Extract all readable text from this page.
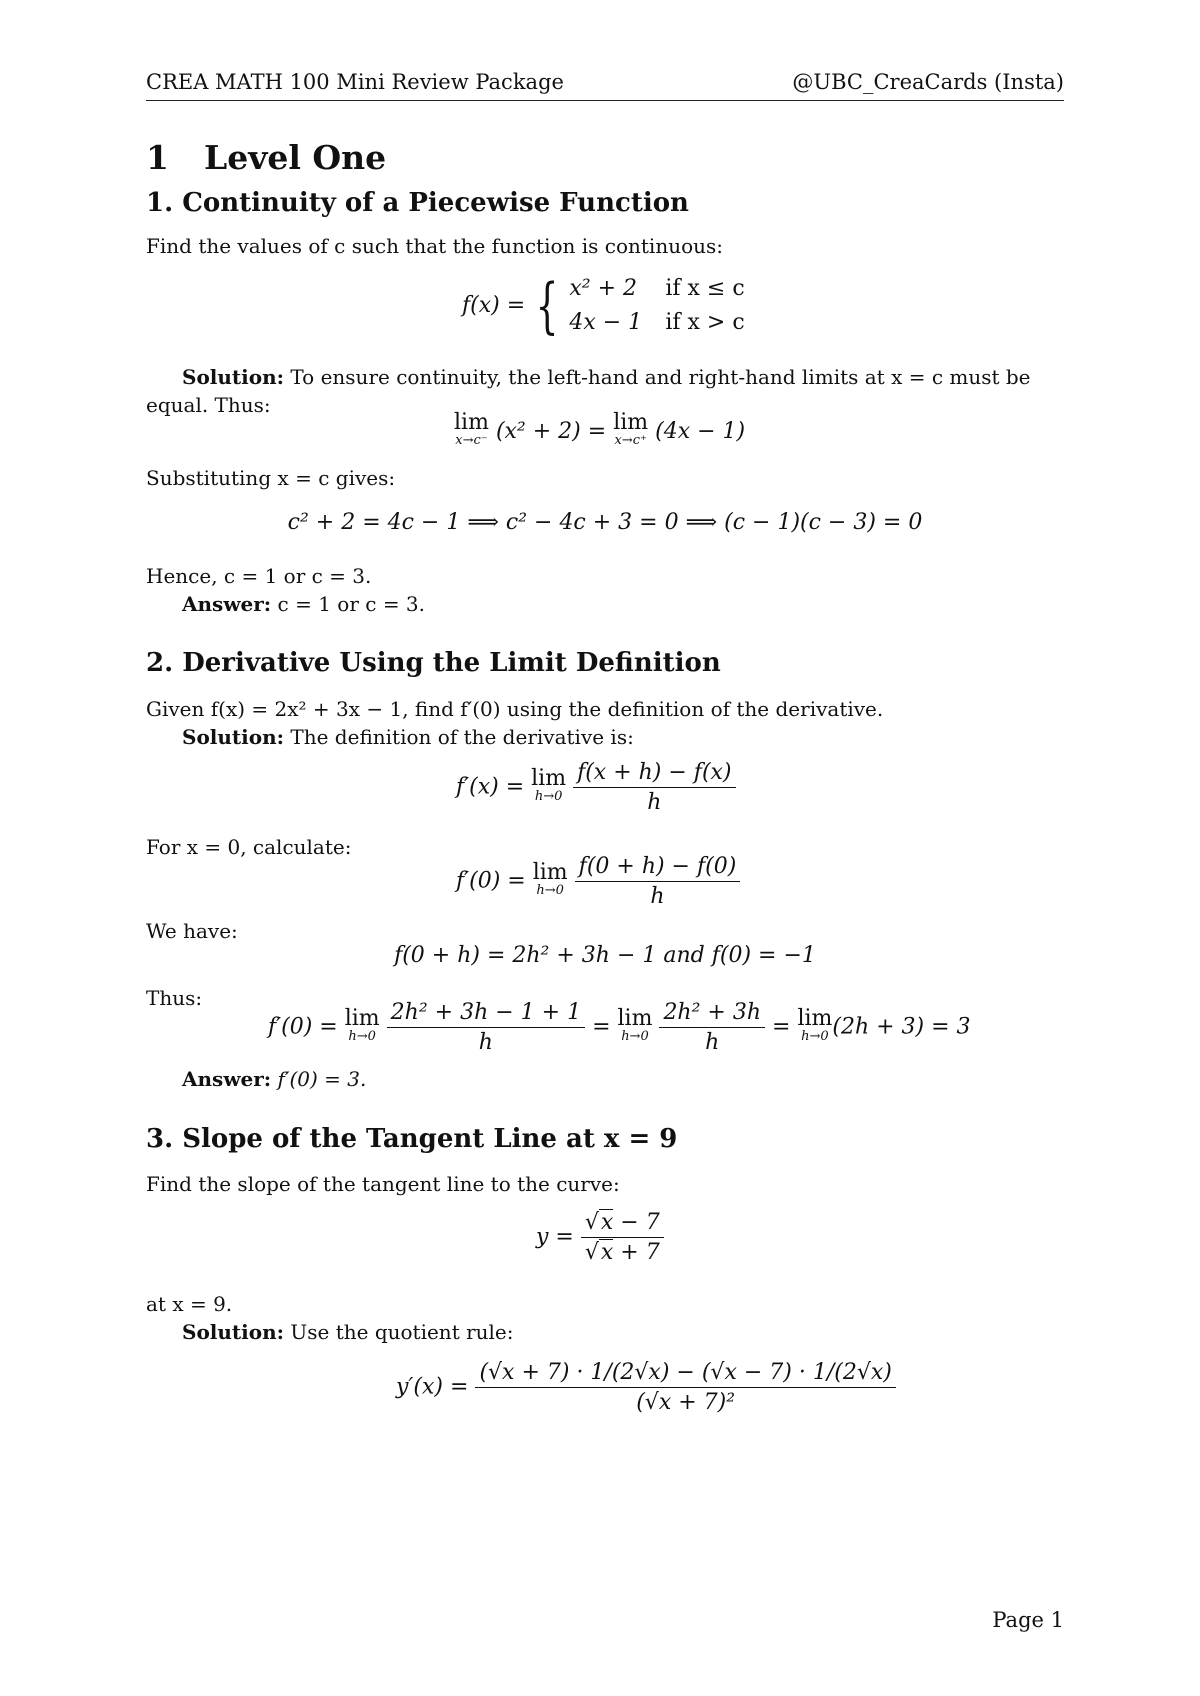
CREA MATH 100 Mini Review Package	@UBC_CreaCards (Insta)
1 Level One
1. Continuity of a Piecewise Function
Find the values of c such that the function is continuous:
f(x) = { x² + 2 if x ≤ c
4x − 1 if x > c
Solution: To ensure continuity, the left-hand and right-hand limits at x = c must be
equal. Thus:
lim
x→c⁻ (x² + 2) = lim
x→c⁺ (4x − 1)
Substituting x = c gives:
c² + 2 = 4c − 1 ⟹ c² − 4c + 3 = 0 ⟹ (c − 1)(c − 3) = 0
Hence, c = 1 or c = 3.
Answer: c = 1 or c = 3.
2. Derivative Using the Limit Definition
Given f(x) = 2x² + 3x − 1, find f′(0) using the definition of the derivative.
Solution: The definition of the derivative is:
f′(x) = lim
h→0
$\frac{f(x + h) - f(x)}{h}$
For x = 0, calculate:
f′(0) = lim
h→0
$\frac{f(0 + h) - f(0)}{h}$
We have:
f(0 + h) = 2h² + 3h − 1 and f(0) = −1
Thus:
f′(0) = lim
h→0
$\frac{\text{2h² + 3h − 1 + 1}}{h} = \lim$
h→0
$\frac{\text{2h² + 3h}}{h} = \lim$
h→0 (2h + 3) = 3
Answer: f′(0) = 3.
3. Slope of the Tangent Line at x = 9
Find the slope of the tangent line to the curve:
$y = \frac{√x - 7}{√x + 7}$
at x = 9.
Solution: Use the quotient rule:
$y'(x) = \frac{(√x + 7) \cdot 1/(2√x) - (√x - 7) \cdot 1/(2√x)}{\text{(√x + 7)²}}$
Page 1
